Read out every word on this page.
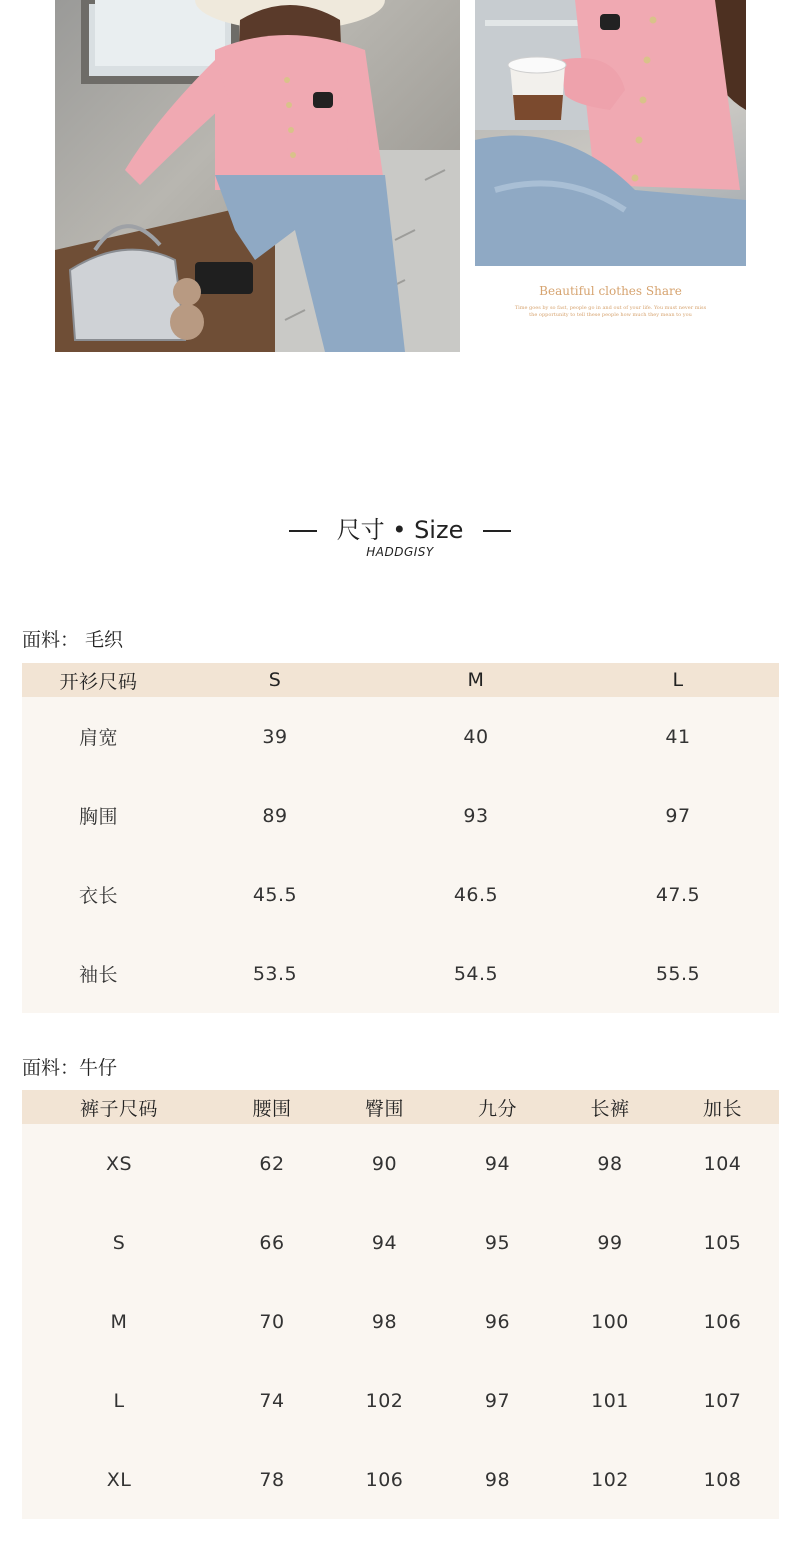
Beautiful clothes Share
Time goes by so fast, people go in and out of your life. You must never miss
the opportunity to tell these people how much they mean to you
尺寸 • Size
HADDGISY
面料： 毛织
开衫尺码	S	M	L
肩宽	39	40	41
胸围	89	93	97
衣长	45.5	46.5	47.5
袖长	53.5	54.5	55.5
面料：牛仔
裤子尺码	腰围	臀围	九分	长裤	加长
XS	62	90	94	98	104
S	66	94	95	99	105
M	70	98	96	100	106
L	74	102	97	101	107
XL	78	106	98	102	108
